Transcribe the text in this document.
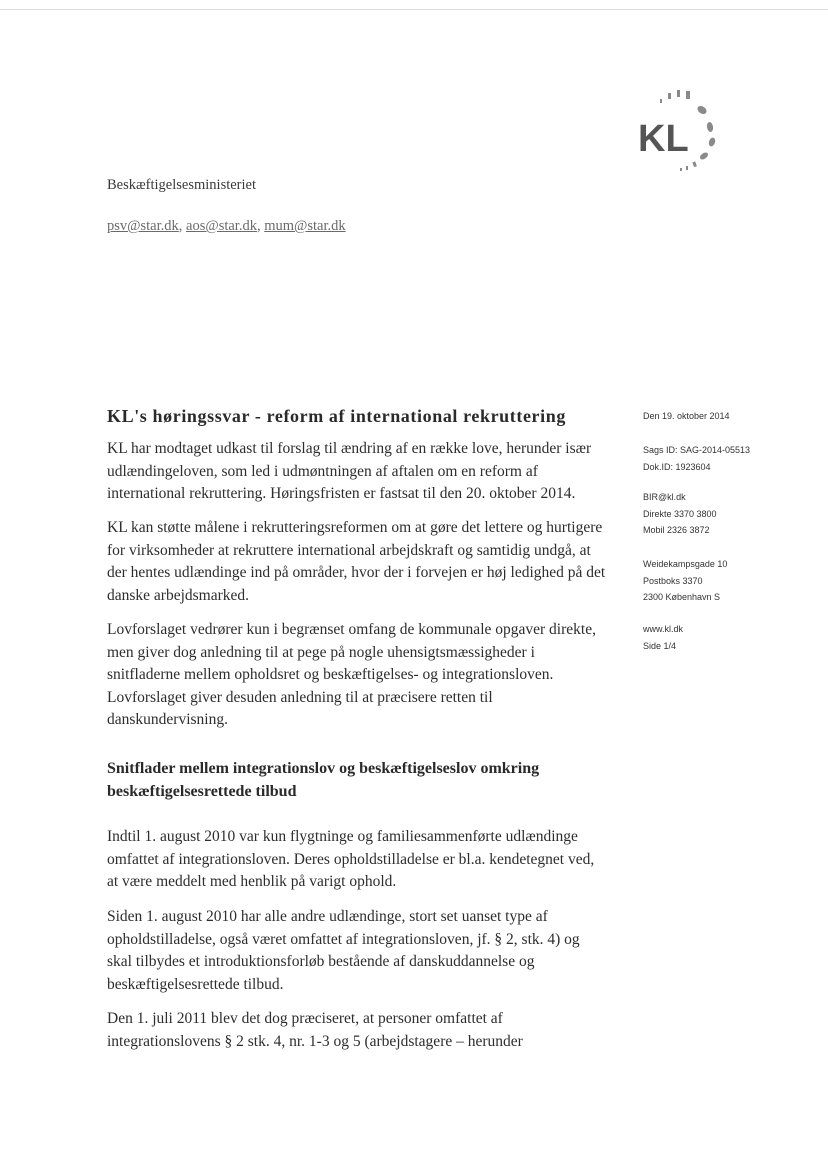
KL
Beskæftigelsesministeriet
psv@star.dk, aos@star.dk, mum@star.dk
KL's høringssvar - reform af international rekruttering

KL har modtaget udkast til forslag til ændring af en række love, herunder især udlændingeloven, som led i udmøntningen af aftalen om en reform af international rekruttering. Høringsfristen er fastsat til den 20. oktober 2014.

KL kan støtte målene i rekrutteringsreformen om at gøre det lettere og hurtigere for virksomheder at rekruttere international arbejdskraft og samtidig undgå, at der hentes udlændinge ind på områder, hvor der i forvejen er høj ledighed på det danske arbejdsmarked.

Lovforslaget vedrører kun i begrænset omfang de kommunale opgaver direkte, men giver dog anledning til at pege på nogle uhensigtsmæssigheder i snitfladerne mellem opholdsret og beskæftigelses- og integrationsloven. Lovforslaget giver desuden anledning til at præcisere retten til danskundervisning.

Snitflader mellem integrationslov og beskæftigelseslov omkring beskæftigelsesrettede tilbud

Indtil 1. august 2010 var kun flygtninge og familiesammenførte udlændinge omfattet af integrationsloven. Deres opholdstilladelse er bl.a. kendetegnet ved, at være meddelt med henblik på varigt ophold.

Siden 1. august 2010 har alle andre udlændinge, stort set uanset type af opholdstilladelse, også været omfattet af integrationsloven, jf. § 2, stk. 4) og skal tilbydes et introduktionsforløb bestående af danskuddannelse og beskæftigelsesrettede tilbud.

Den 1. juli 2011 blev det dog præciseret, at personer omfattet af integrationslovens § 2 stk. 4, nr. 1-3 og 5 (arbejdstagere – herunder

Den 19. oktober 2014
Sags ID: SAG-2014-05513
Dok.ID: 1923604
BIR@kl.dk
Direkte 3370 3800
Mobil 2326 3872
Weidekampsgade 10
Postboks 3370
2300 København S
www.kl.dk
Side 1/4
